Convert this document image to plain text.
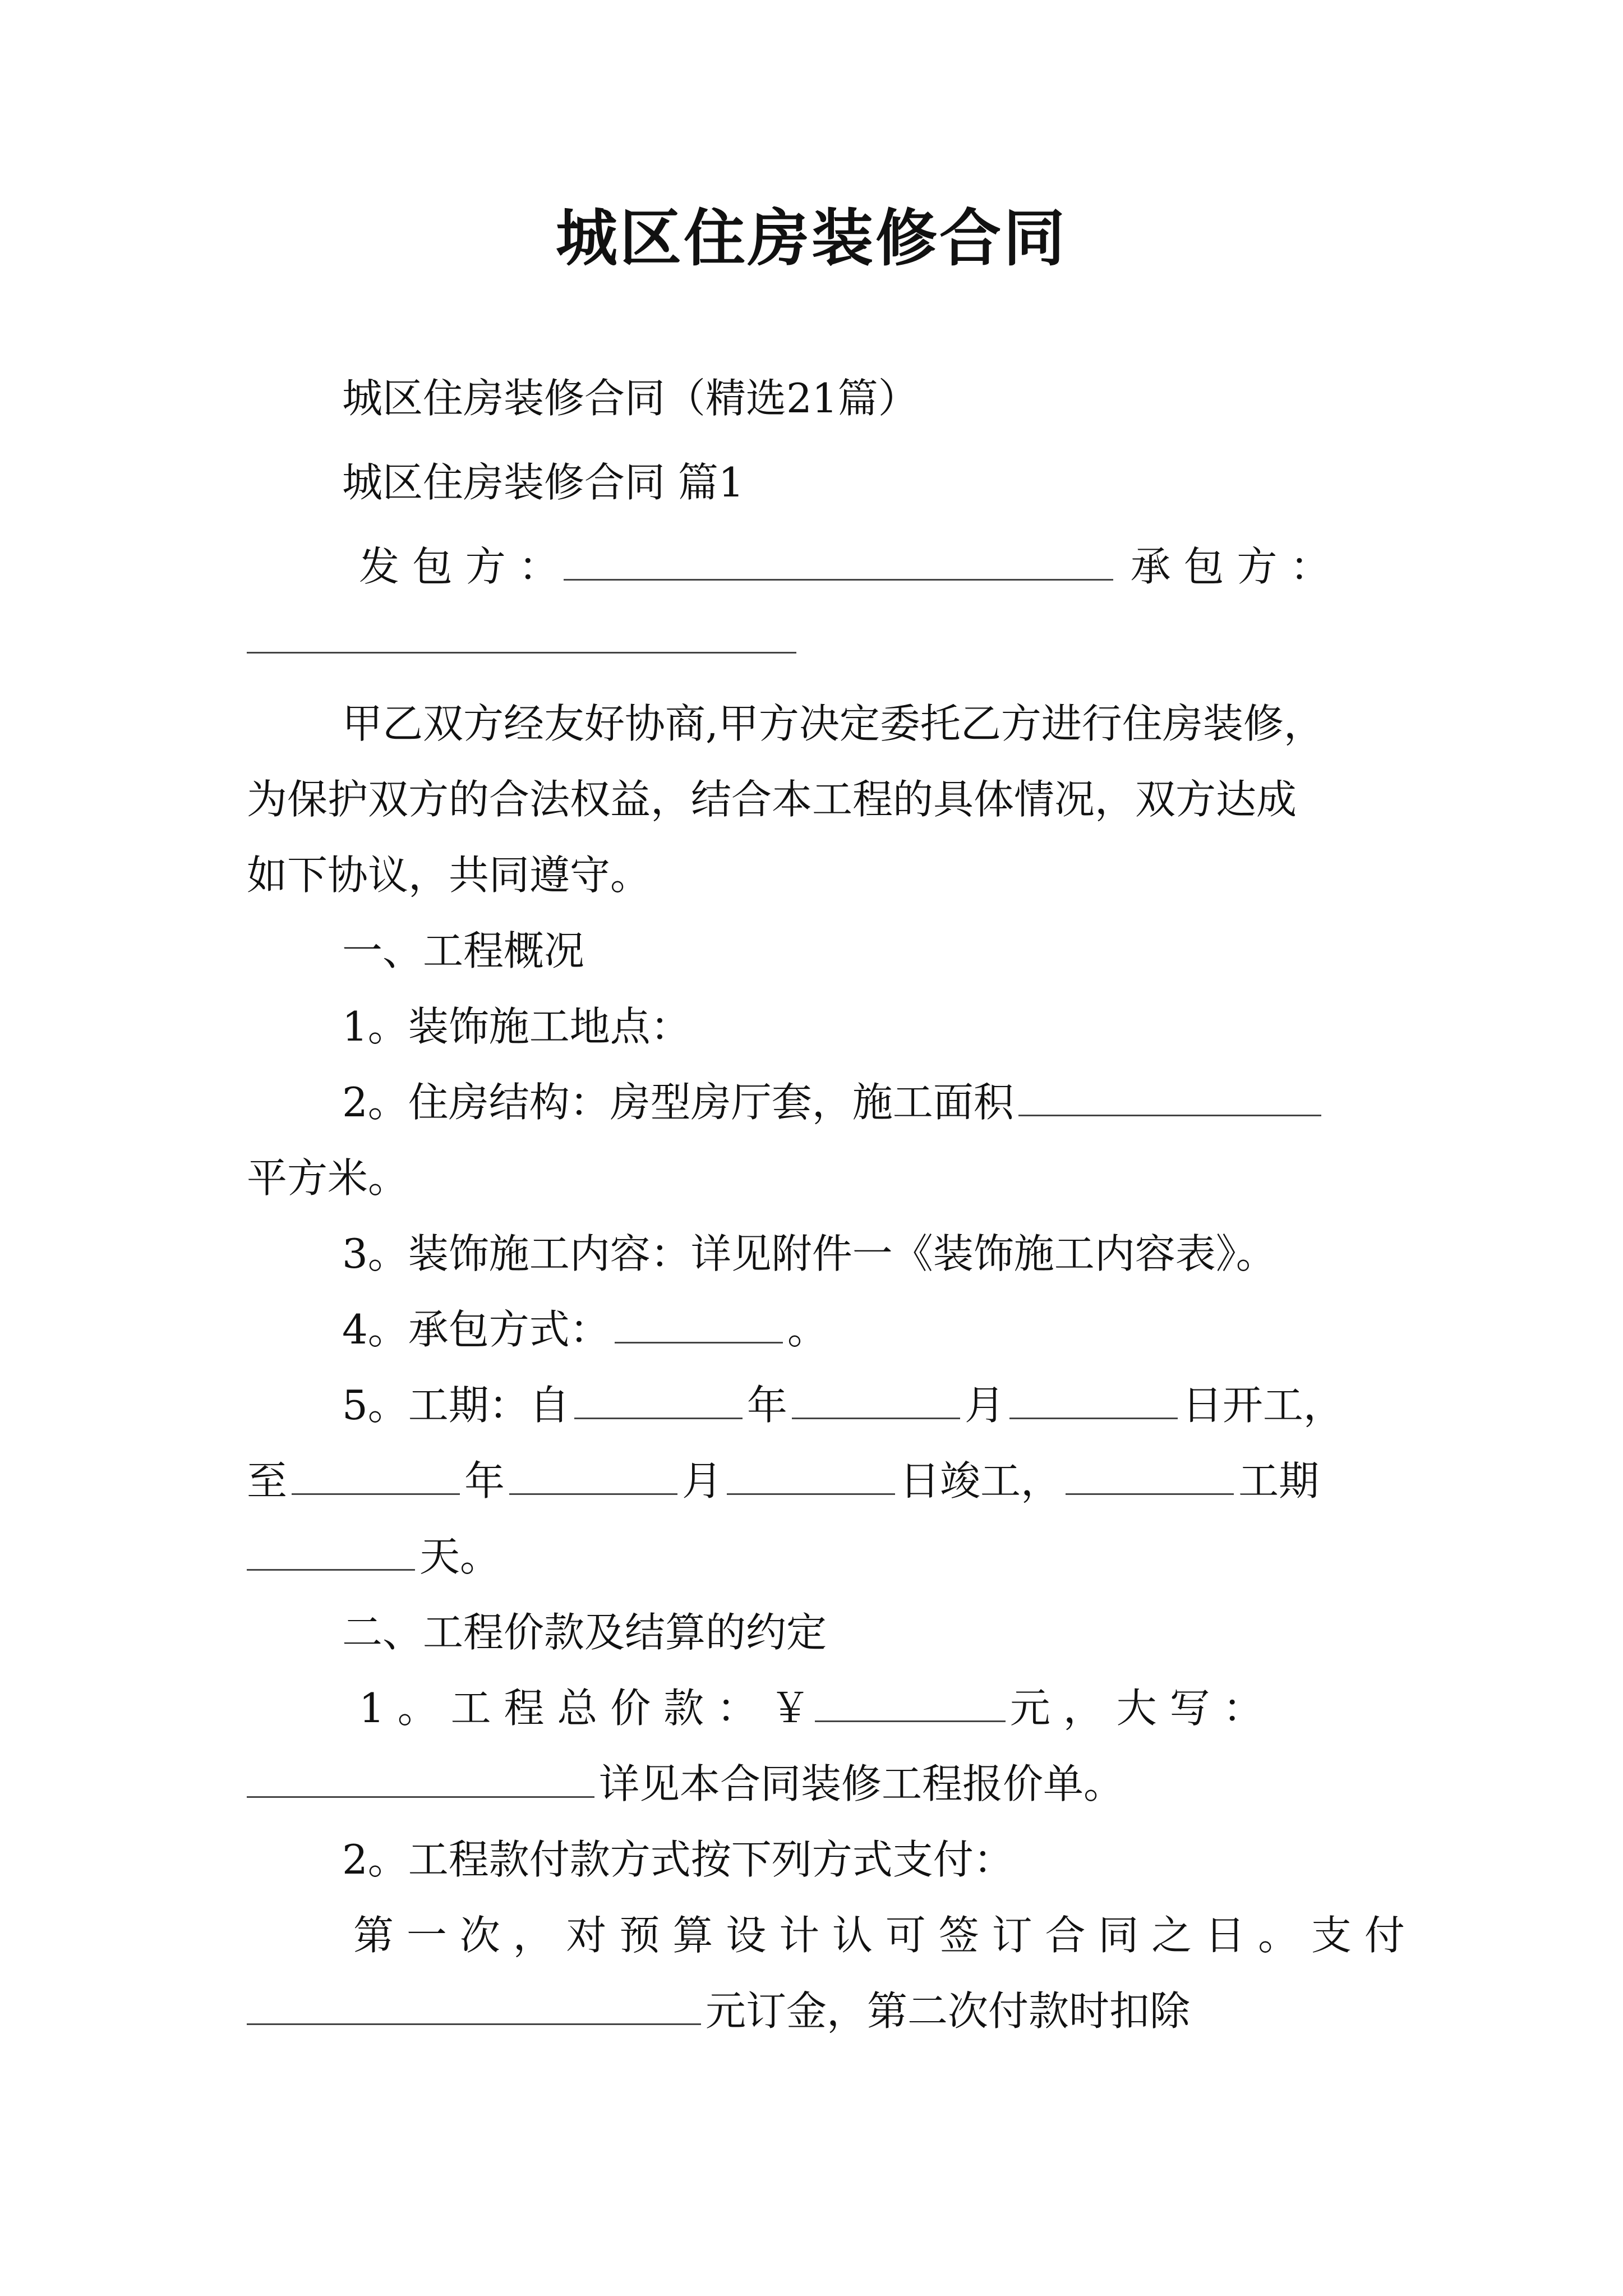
城区住房装修合同
城区住房装修合同（精选21篇）
城区住房装修合同 篇1
发 包 方 ：	承 包 方 ：
甲乙双方经友好协商,甲方决定委托乙方进行住房装修，
为保护双方的合法权益，结合本工程的具体情况，双方达成
如下协议，共同遵守。
一、工程概况
1。装饰施工地点：
2。住房结构：房型房厅套，施工面积
平方米。
3。装饰施工内容：详见附件一《装饰施工内容表》。
4。承包方式：	。
5。工期：自	年	月	日开工，
至	年	月	日竣工，	工期
天。
二、工程价款及结算的约定
1 。 工 程 总 价 款 ： ￥	元 ， 大 写 ：
详见本合同装修工程报价单。
2。工程款付款方式按下列方式支付：
第 一 次 ， 对 预 算 设 计 认 可 签 订 合 同 之 日 。 支 付
元订金，第二次付款时扣除
